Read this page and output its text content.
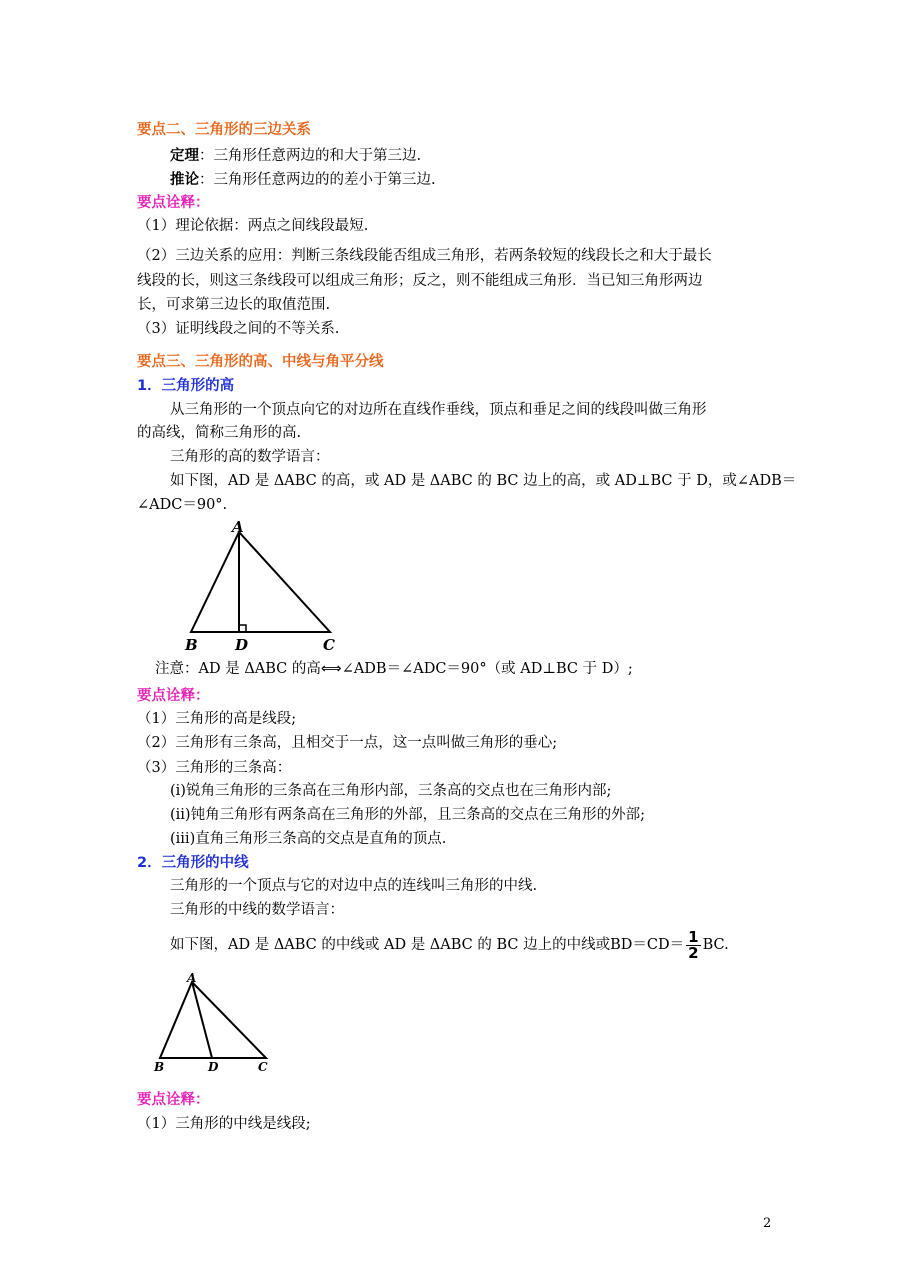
要点二、三角形的三边关系
定理：三角形任意两边的和大于第三边.
推论：三角形任意两边的的差小于第三边.
要点诠释：
（1）理论依据：两点之间线段最短.
（2）三边关系的应用：判断三条线段能否组成三角形，若两条较短的线段长之和大于最长
线段的长，则这三条线段可以组成三角形；反之，则不能组成三角形．当已知三角形两边
长，可求第三边长的取值范围.
（3）证明线段之间的不等关系.
要点三、三角形的高、中线与角平分线
1．三角形的高
从三角形的一个顶点向它的对边所在直线作垂线，顶点和垂足之间的线段叫做三角形
的高线，简称三角形的高.
三角形的高的数学语言：
如下图，AD 是 ΔABC 的高，或 AD 是 ΔABC 的 BC 边上的高，或 AD⊥BC 于 D，或∠ADB＝
∠ADC＝90°.
A
B D	C
注意：AD 是 ΔABC 的高⟺∠ADB＝∠ADC＝90°（或 AD⊥BC 于 D）;
要点诠释：
（1）三角形的高是线段;
（2）三角形有三条高，且相交于一点，这一点叫做三角形的垂心;
（3）三角形的三条高：
(ⅰ)锐角三角形的三条高在三角形内部，三条高的交点也在三角形内部;
(ⅱ)钝角三角形有两条高在三角形的外部，且三条高的交点在三角形的外部;
(ⅲ)直角三角形三条高的交点是直角的顶点.
2．三角形的中线
三角形的一个顶点与它的对边中点的连线叫三角形的中线.
三角形的中线的数学语言：
如下图，AD 是 ΔABC 的中线或 AD 是 ΔABC 的 BC 边上的中线或$BD=CD= \frac{1}{2}$ BC.
A
B	D	C
要点诠释：
（1）三角形的中线是线段;
2
